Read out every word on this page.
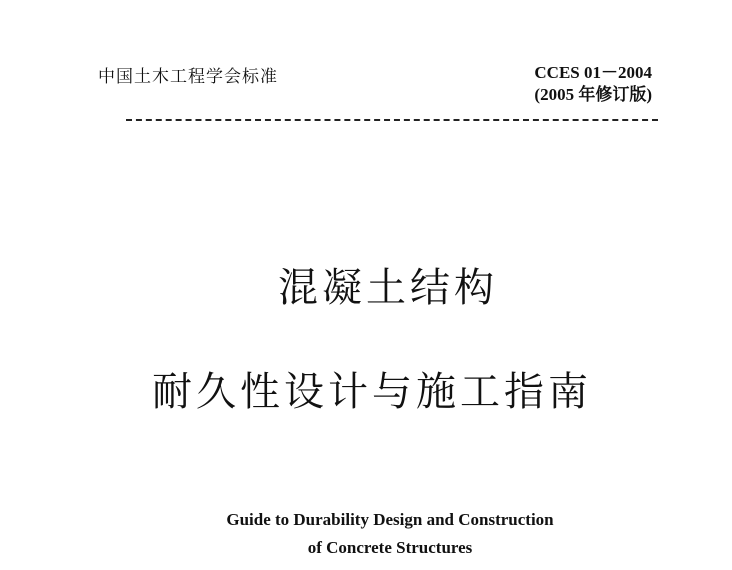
中国土木工程学会标准	CCES 01－2004
(2005 年修订版)
混凝土结构
耐久性设计与施工指南
Guide to Durability Design and Construction
of Concrete Structures
